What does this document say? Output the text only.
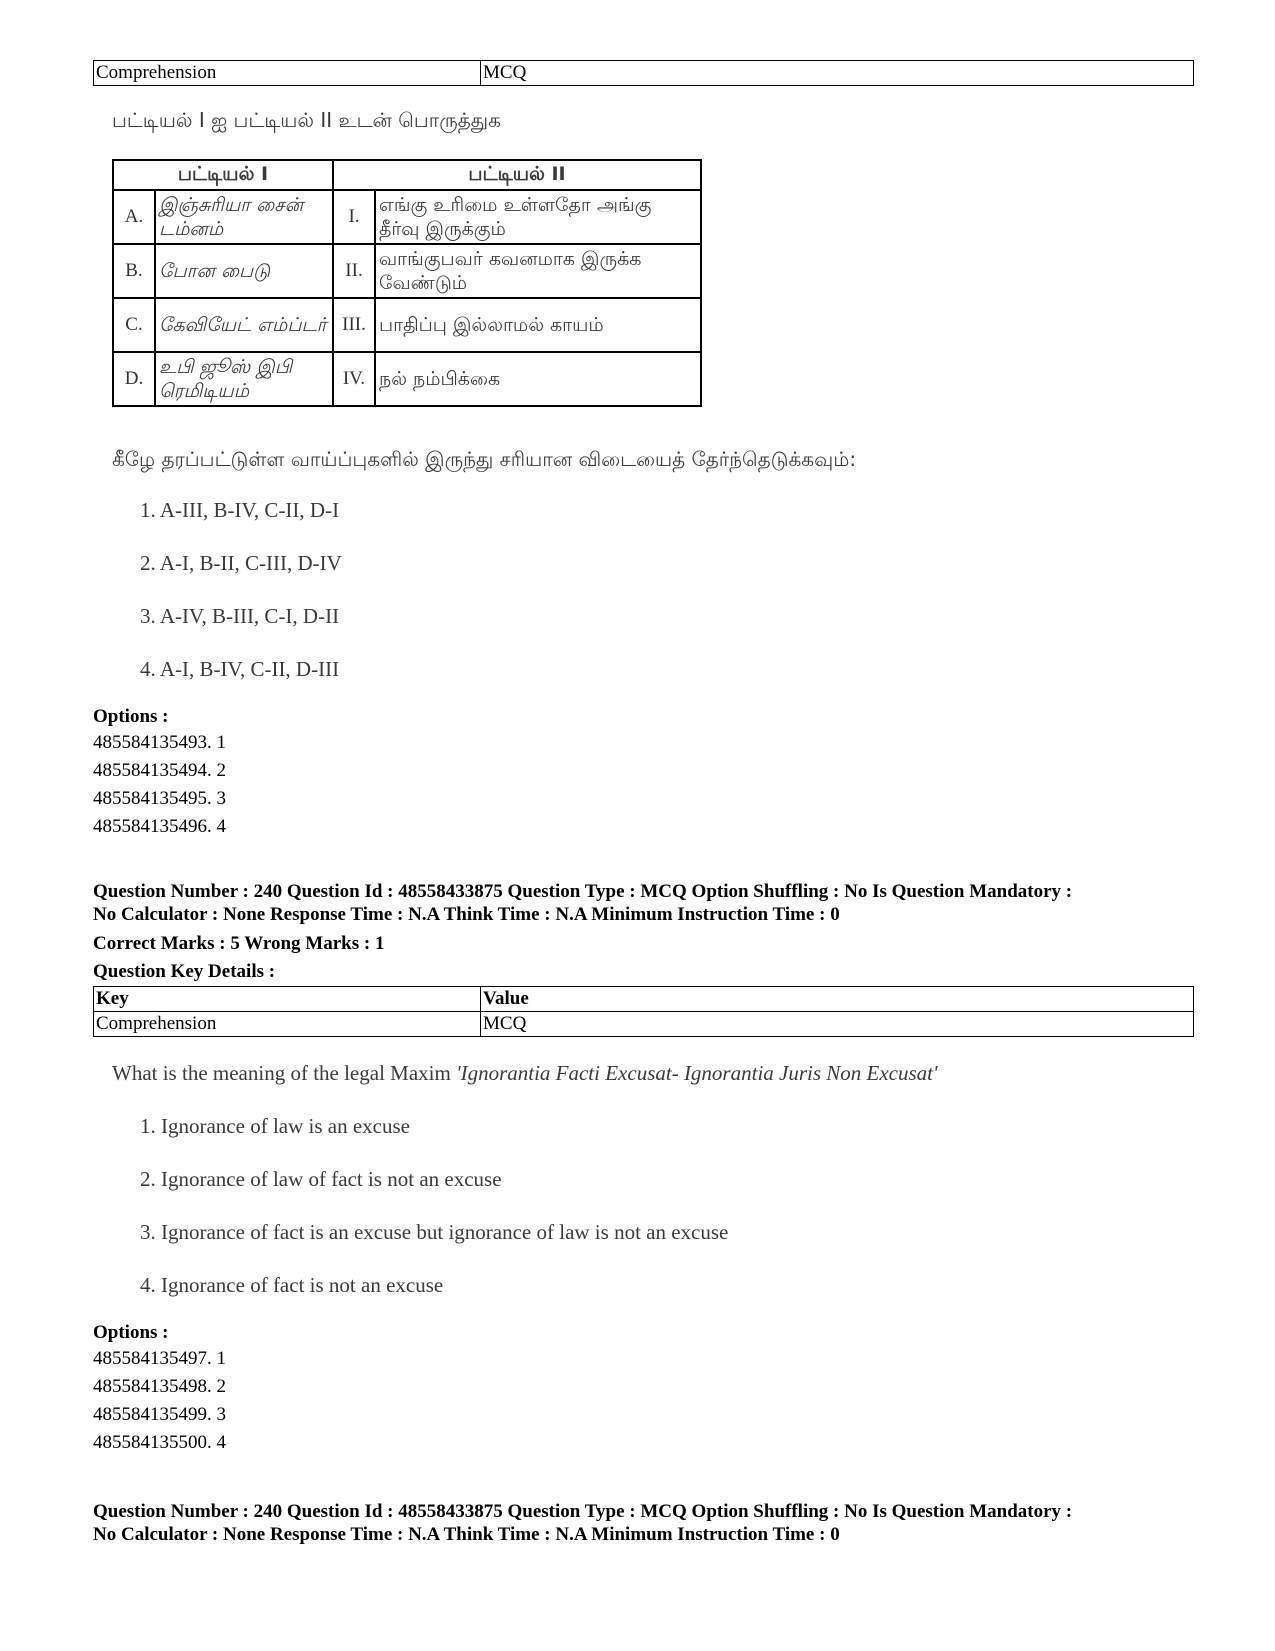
Comprehension	MCQ
பட்டியல் I ஐ பட்டியல் II உடன் பொருத்துக
பட்டியல் I		பட்டியல் II	
A.	இஞ்சுரியா சைன் டம்னம்	I.	எங்கு உரிமை உள்ளதோ அங்கு தீர்வு இருக்கும்
B.	போன பைடு	II.	வாங்குபவர் கவனமாக இருக்க வேண்டும்
C.	கேவியேட் எம்ப்டர்	III.	பாதிப்பு இல்லாமல் காயம்
D.	உபி ஜூஸ் இபி ரெமிடியம்	IV.	நல் நம்பிக்கை
கீழே தரப்பட்டுள்ள வாய்ப்புகளில் இருந்து சரியான விடையைத் தேர்ந்தெடுக்கவும்:
1. A-III, B-IV, C-II, D-I
2. A-I, B-II, C-III, D-IV
3. A-IV, B-III, C-I, D-II
4. A-I, B-IV, C-II, D-III
Options :
485584135493. 1
485584135494. 2
485584135495. 3
485584135496. 4
Question Number : 240 Question Id : 48558433875 Question Type : MCQ Option Shuffling : No Is Question Mandatory :
No Calculator : None Response Time : N.A Think Time : N.A Minimum Instruction Time : 0
Correct Marks : 5 Wrong Marks : 1
Question Key Details :
Key	Value
Comprehension	MCQ
What is the meaning of the legal Maxim 'Ignorantia Facti Excusat- Ignorantia Juris Non Excusat'
1. Ignorance of law is an excuse
2. Ignorance of law of fact is not an excuse
3. Ignorance of fact is an excuse but ignorance of law is not an excuse
4. Ignorance of fact is not an excuse
Options :
485584135497. 1
485584135498. 2
485584135499. 3
485584135500. 4
Question Number : 240 Question Id : 48558433875 Question Type : MCQ Option Shuffling : No Is Question Mandatory :
No Calculator : None Response Time : N.A Think Time : N.A Minimum Instruction Time : 0
